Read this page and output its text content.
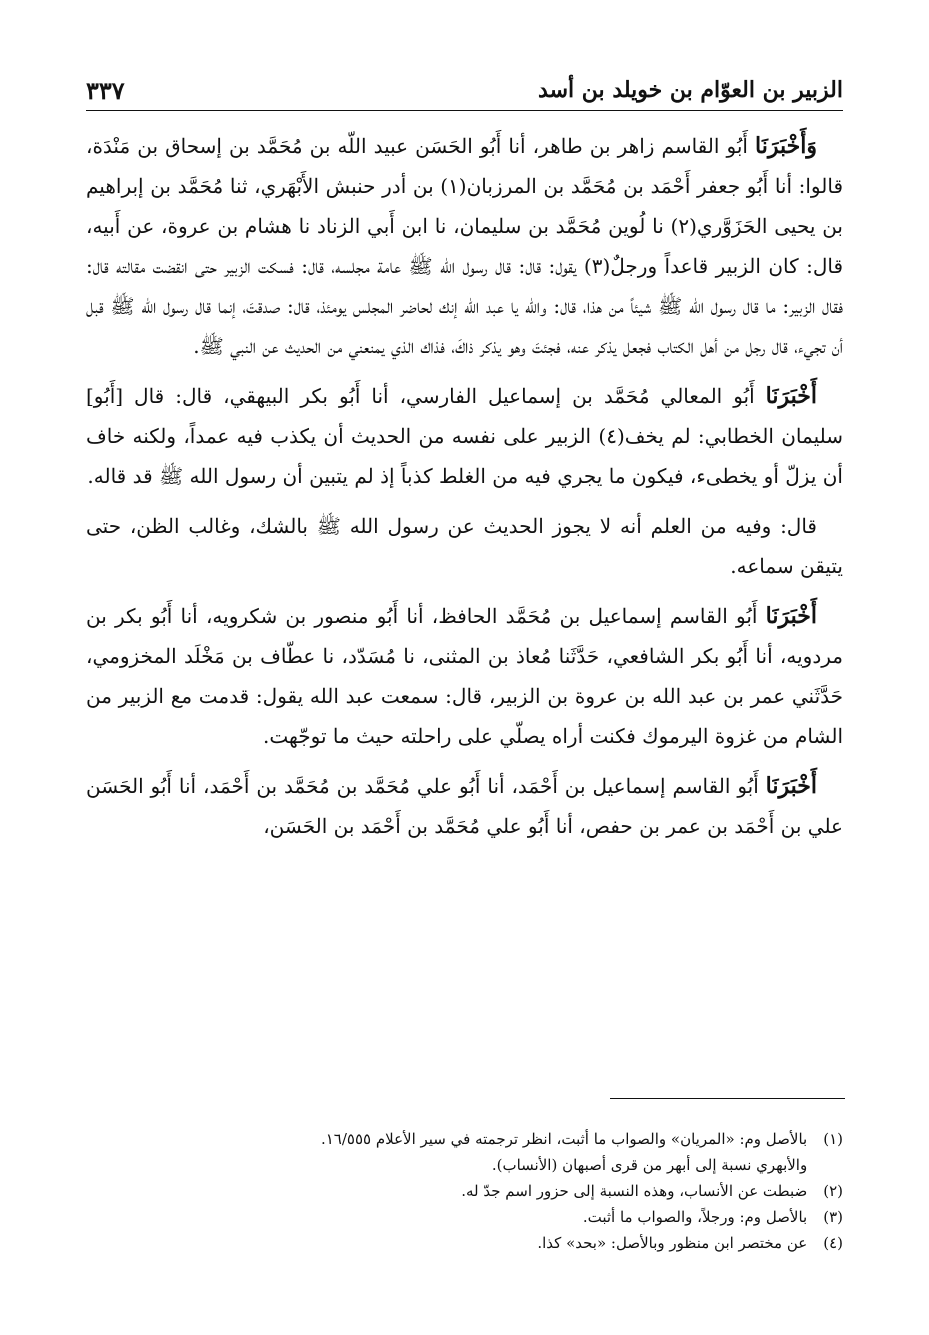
الزبير بن العوّام بن خويلد بن أسد
٣٣٧

وَأَخْبَرَنَا أَبُو القاسم زاهر بن طاهر، أنا أَبُو الحَسَن عبيد اللّه بن مُحَمَّد بن إسحاق بن مَنْدَة، قالوا: أنا أَبُو جعفر أَحْمَد بن مُحَمَّد بن المرزبان(١) بن أدر حنبش الأَبْهَري، ثنا مُحَمَّد بن إبراهيم بن يحيى الحَزَوَّري(٢) نا لُوين مُحَمَّد بن سليمان، نا ابن أَبي الزناد نا هشام بن عروة، عن أَبيه، قال: كان الزبير قاعداً ورجلٌ(٣) يقول: قال: قال رسول الله ﷺ عامة مجلسه، قال: فسكت الزبير حتى انقضت مقالته قال: فقال الزبير: ما قال رسول الله ﷺ شيئاً من هذا، قال: والله يا عبد اللّه إنك لحاضر المجلس يومئذ، قال: صدقتَ، إنما قال رسول الله ﷺ قبل أن تجيء، قال رجل من أهل الكتاب فجعل يذكر عنه، فجئتَ وهو يذكر ذاكَ، فذاك الذي يمنعني من الحديث عن النبي ﷺ.

أَخْبَرَنَا أَبُو المعالي مُحَمَّد بن إسماعيل الفارسي، أنا أَبُو بكر البيهقي، قال: قال [أَبُو] سليمان الخطابي: لم يخف(٤) الزبير على نفسه من الحديث أن يكذب فيه عمداً، ولكنه خاف أن يزلّ أو يخطىء، فيكون ما يجري فيه من الغلط كذباً إذ لم يتبين أن رسول الله ﷺ قد قاله.

قال: وفيه من العلم أنه لا يجوز الحديث عن رسول الله ﷺ بالشك، وغالب الظن، حتى يتيقن سماعه.

أَخْبَرَنَا أَبُو القاسم إسماعيل بن مُحَمَّد الحافظ، أنا أَبُو منصور بن شكرويه، أنا أَبُو بكر بن مردويه، أنا أَبُو بكر الشافعي، حَدَّثَنا مُعاذ بن المثنى، نا مُسَدّد، نا عطّاف بن مَخْلَد المخزومي، حَدَّثَني عمر بن عبد الله بن عروة بن الزبير، قال: سمعت عبد الله يقول: قدمت مع الزبير من الشام من غزوة اليرموك فكنت أراه يصلّي على راحلته حيث ما توجّهت.

أَخْبَرَنَا أَبُو القاسم إسماعيل بن أَحْمَد، أنا أَبُو علي مُحَمَّد بن مُحَمَّد بن أَحْمَد، أنا أَبُو الحَسَن علي بن أَحْمَد بن عمر بن حفص، أنا أَبُو علي مُحَمَّد بن أَحْمَد بن الحَسَن،

(١)
بالأصل وم: «المريان» والصواب ما أثبت، انظر ترجمته في سير الأعلام ١٦/٥٥٥.
والأبهري نسبة إلى أبهر من قرى أصبهان (الأنساب).
(٢)
ضبطت عن الأنساب، وهذه النسبة إلى حزور اسم جدّ له.
(٣)
بالأصل وم: ورجلاً، والصواب ما أثبت.
(٤)
عن مختصر ابن منظور وبالأصل: «بحد» كذا.
